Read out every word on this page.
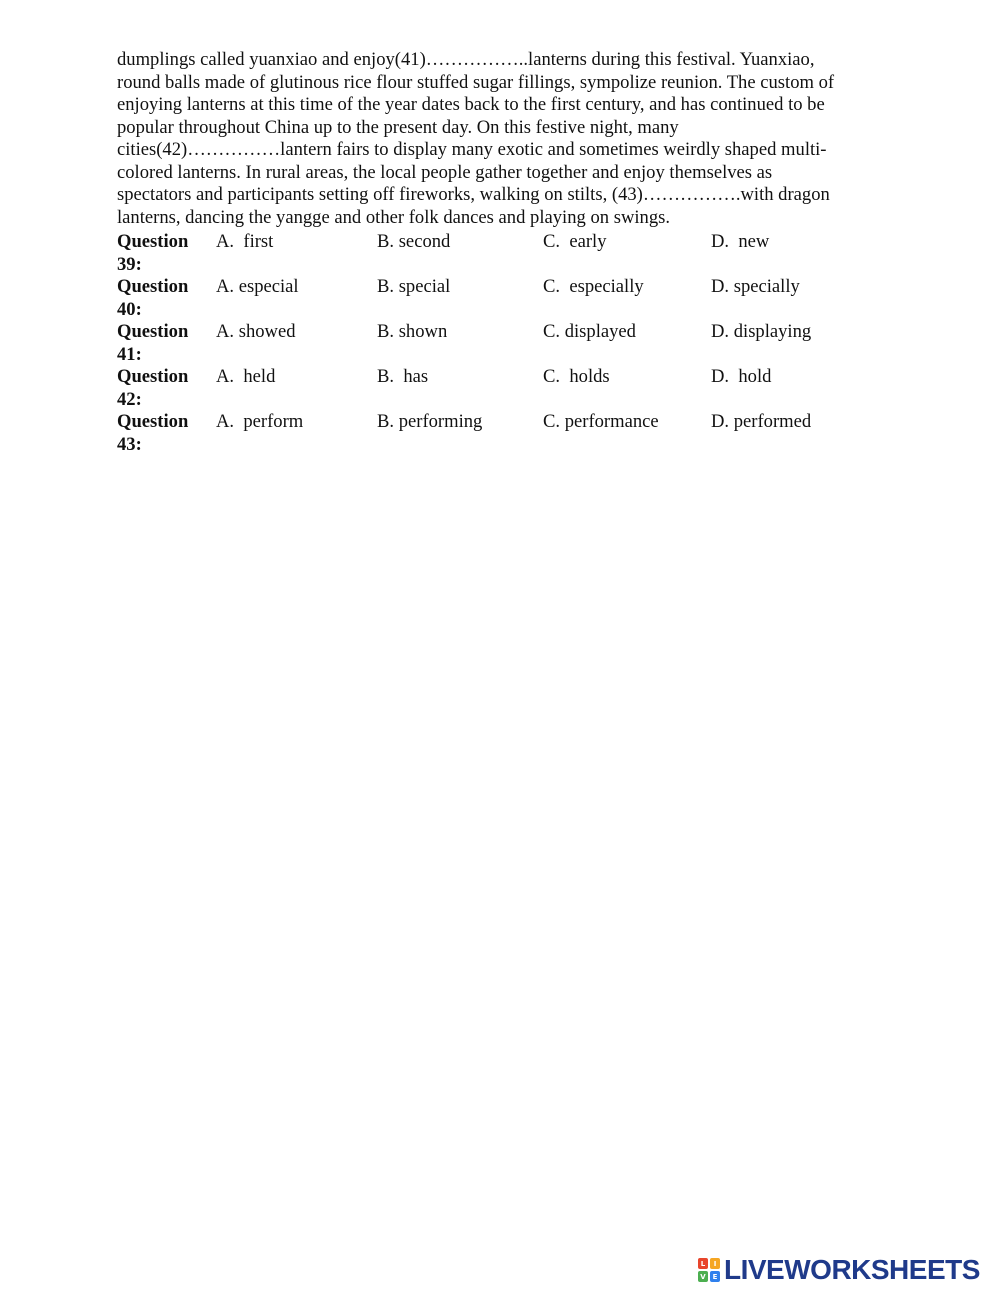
dumplings called yuanxiao and enjoy(41)……………..lanterns during this festival. Yuanxiao,
round balls made of glutinous rice flour stuffed sugar fillings, sympolize reunion. The custom of
enjoying lanterns at this time of the year dates back to the first century, and has continued to be
popular throughout China up to the present day. On this festive night, many
cities(42)……………lantern fairs to display many exotic and sometimes weirdly shaped multi-
colored lanterns. In rural areas, the local people gather together and enjoy themselves as
spectators and participants setting off fireworks, walking on stilts, (43)…………….with dragon
lanterns, dancing the yangge and other folk dances and playing on swings.
Question
39:
A.  first	B. second	C.  early	D.  new
Question
40:
A. especial	B. special	C.  especially	D. specially
Question
41:
A. showed	B. shown	C. displayed	D. displaying
Question
42:
A.  held	B.  has	C.  holds	D.  hold
Question
43:
A.  perform	B. performing	C. performance	D. performed
L	I
V E LIVEWORKSHEETS
